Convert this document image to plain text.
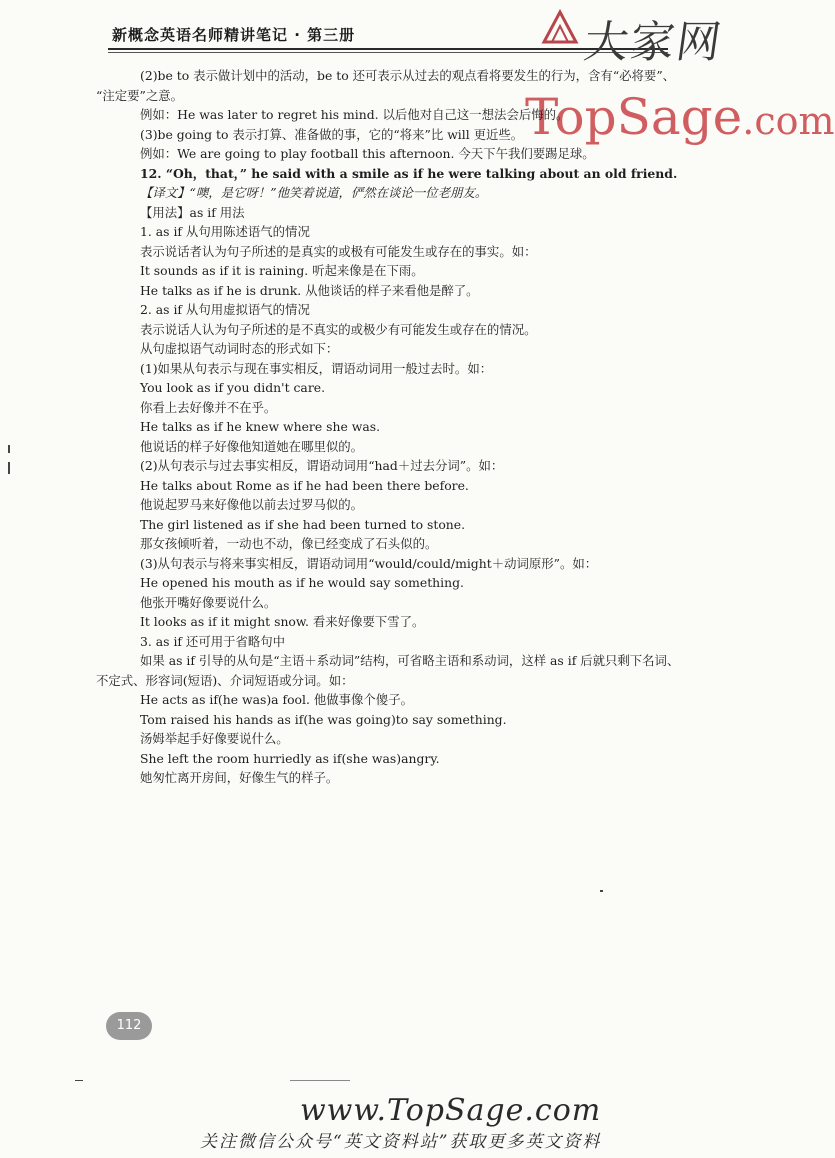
新概念英语名师精讲笔记 · 第三册	大家网
TopSage.com

(2)be to 表示做计划中的活动，be to 还可表示从过去的观点看将要发生的行为，含有“必将要”、

“注定要”之意。

例如：He was later to regret his mind. 以后他对自己这一想法会后悔的。

(3)be going to 表示打算、准备做的事，它的“将来”比 will 更近些。

例如：We are going to play football this afternoon. 今天下午我们要踢足球。

12. “Oh，that，” he said with a smile as if he were talking about an old friend.

【译文】“噢，是它呀！”他笑着说道，俨然在谈论一位老朋友。

【用法】as if 用法

1. as if 从句用陈述语气的情况

表示说话者认为句子所述的是真实的或极有可能发生或存在的事实。如：

It sounds as if it is raining. 听起来像是在下雨。

He talks as if he is drunk. 从他谈话的样子来看他是醉了。

2. as if 从句用虚拟语气的情况

表示说话人认为句子所述的是不真实的或极少有可能发生或存在的情况。

从句虚拟语气动词时态的形式如下：

(1)如果从句表示与现在事实相反，谓语动词用一般过去时。如：

You look as if you didn't care.

你看上去好像并不在乎。

He talks as if he knew where she was.

他说话的样子好像他知道她在哪里似的。

(2)从句表示与过去事实相反，谓语动词用“had＋过去分词”。如：

He talks about Rome as if he had been there before.

他说起罗马来好像他以前去过罗马似的。

The girl listened as if she had been turned to stone.

那女孩倾听着，一动也不动，像已经变成了石头似的。

(3)从句表示与将来事实相反，谓语动词用“would/could/might＋动词原形”。如：

He opened his mouth as if he would say something.

他张开嘴好像要说什么。

It looks as if it might snow. 看来好像要下雪了。

3. as if 还可用于省略句中

如果 as if 引导的从句是“主语＋系动词”结构，可省略主语和系动词，这样 as if 后就只剩下名词、

不定式、形容词(短语)、介词短语或分词。如：

He acts as if(he was)a fool. 他做事像个傻子。

Tom raised his hands as if(he was going)to say something.

汤姆举起手好像要说什么。

She left the room hurriedly as if(she was)angry.

她匆忙离开房间，好像生气的样子。

112
www.TopSage.com
关注微信公众号“英文资料站”获取更多英文资料
